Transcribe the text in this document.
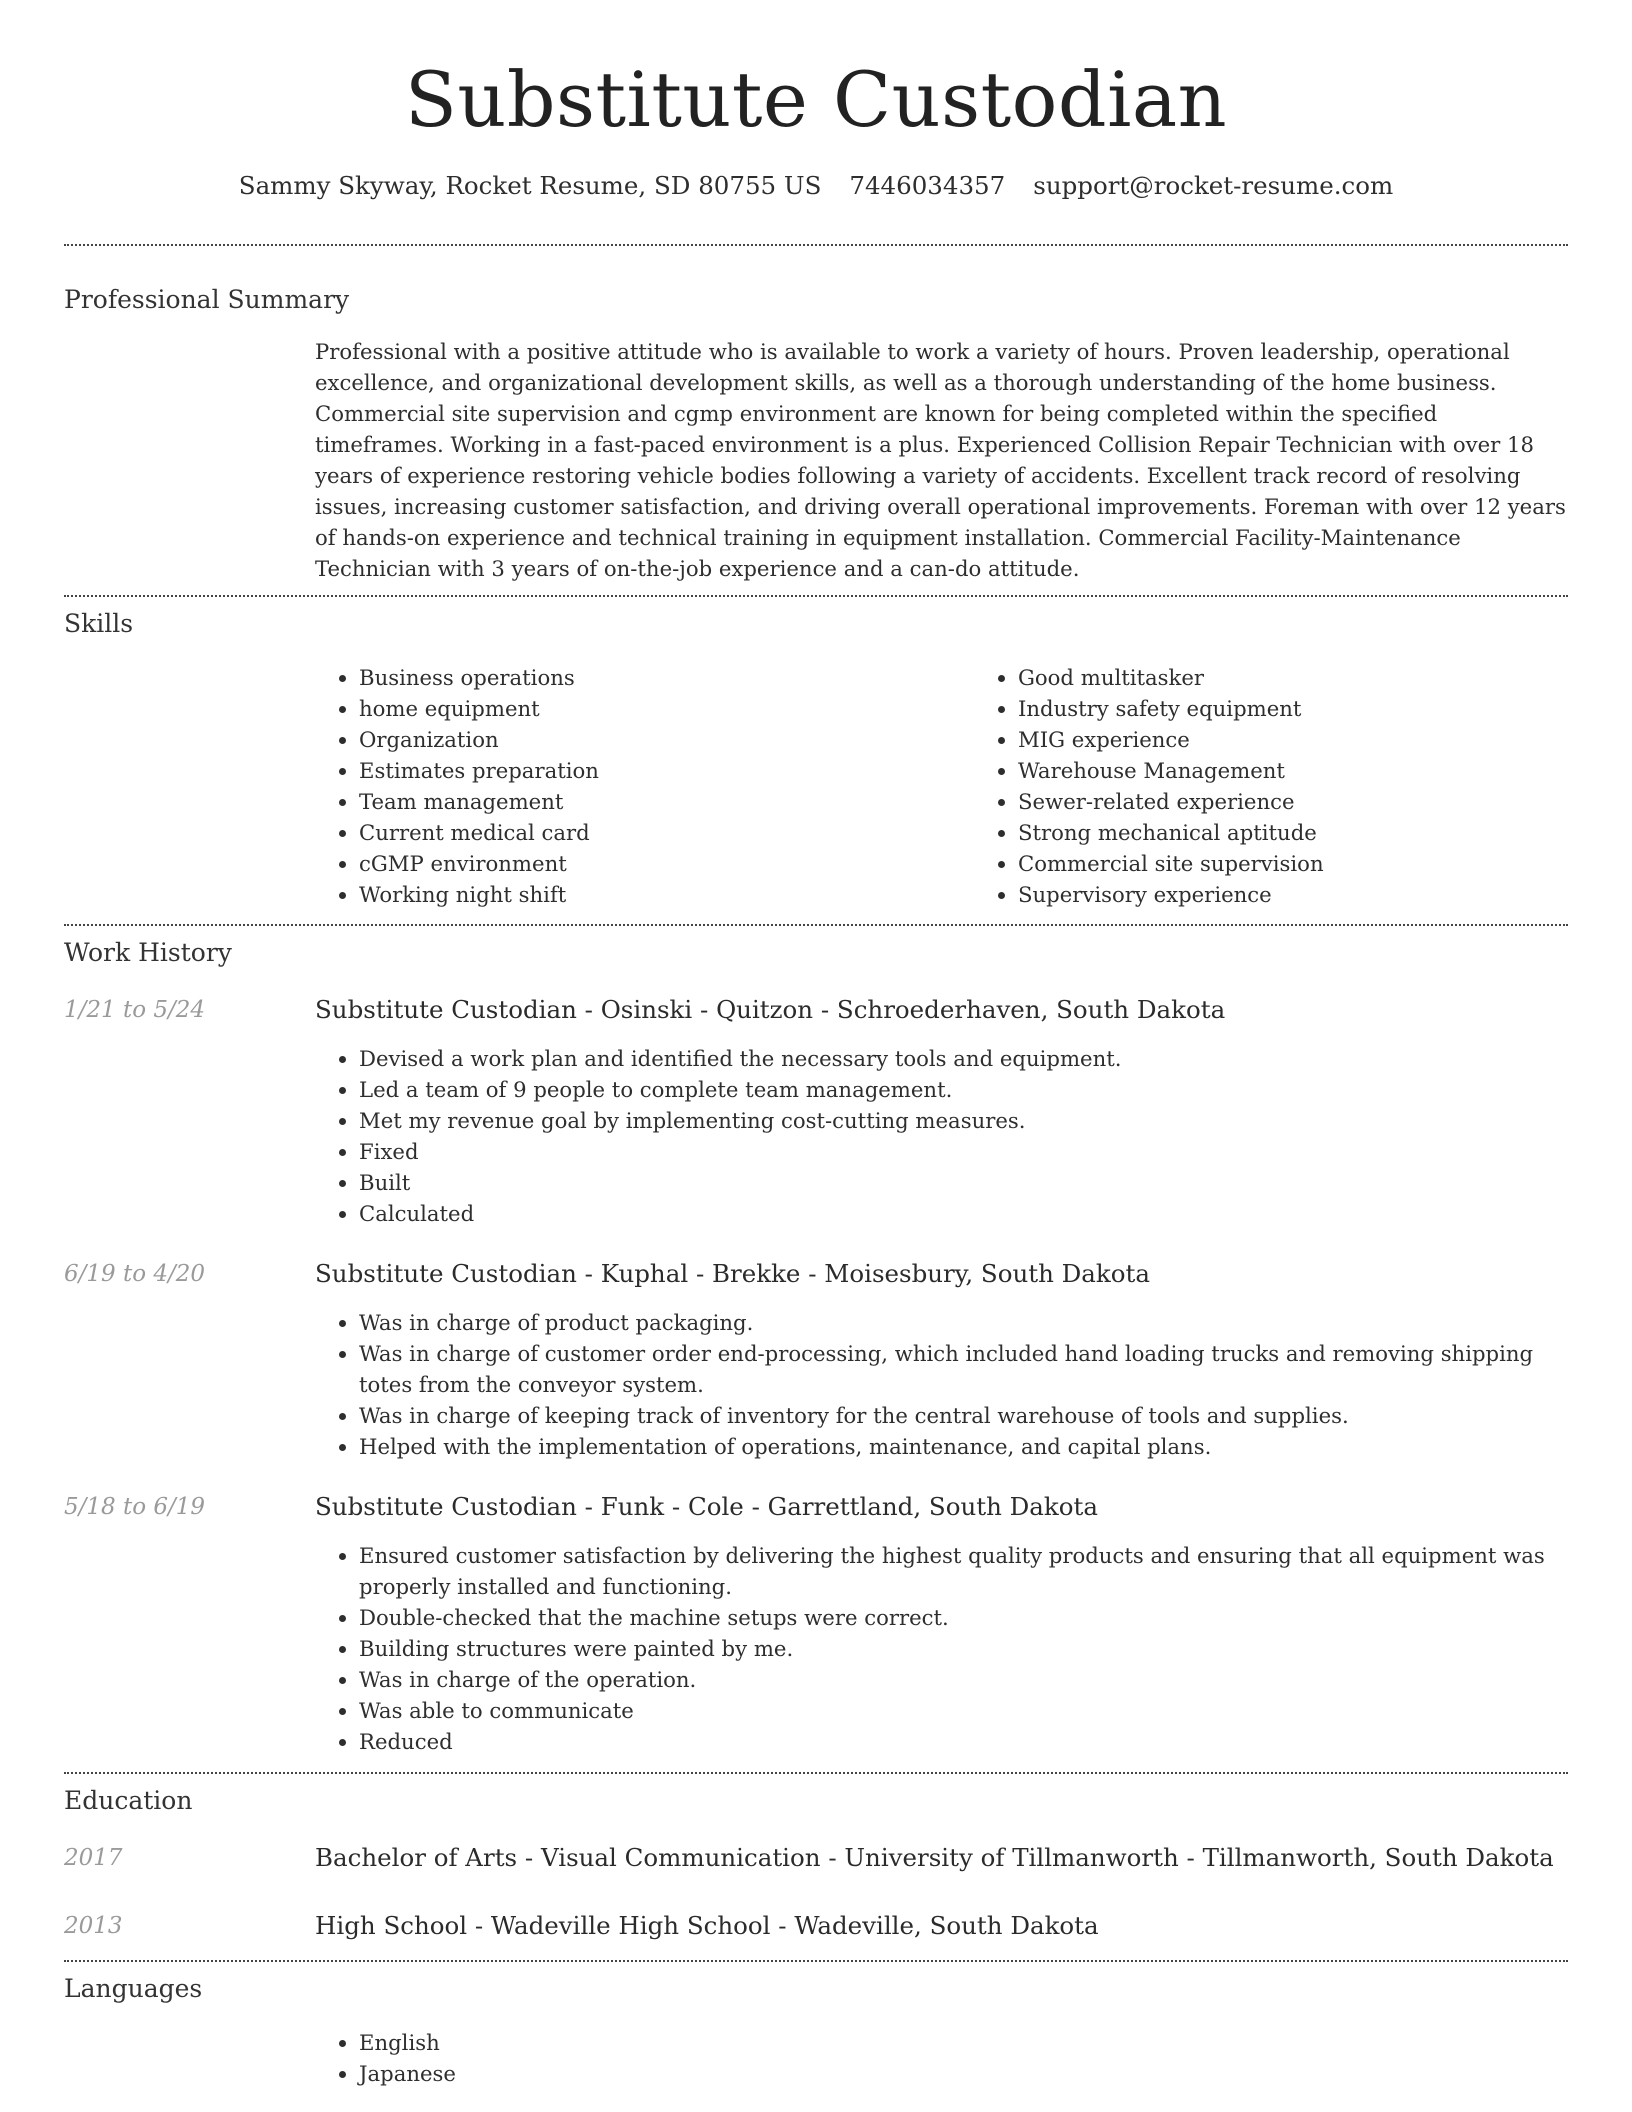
Substitute Custodian
Sammy Skyway, Rocket Resume, SD 80755 US 7446034357 support@rocket-resume.com
Professional Summary

Professional with a positive attitude who is available to work a variety of hours. Proven leadership, operational excellence, and organizational development skills, as well as a thorough understanding of the home business. Commercial site supervision and cgmp environment are known for being completed within the specified timeframes. Working in a fast-paced environment is a plus. Experienced Collision Repair Technician with over 18 years of experience restoring vehicle bodies following a variety of accidents. Excellent track record of resolving issues, increasing customer satisfaction, and driving overall operational improvements. Foreman with over 12 years of hands-on experience and technical training in equipment installation. Commercial Facility-Maintenance Technician with 3 years of on-the-job experience and a can-do attitude.

Skills
• Business operations
• home equipment
• Organization
• Estimates preparation
• Team management
• Current medical card
• cGMP environment
• Working night shift
• Good multitasker
• Industry safety equipment
• MIG experience
• Warehouse Management
• Sewer-related experience
• Strong mechanical aptitude
• Commercial site supervision
• Supervisory experience
Work History
1/21 to 5/24	Substitute Custodian - Osinski - Quitzon - Schroederhaven, South Dakota
• Devised a work plan and identified the necessary tools and equipment.
• Led a team of 9 people to complete team management.
• Met my revenue goal by implementing cost-cutting measures.
• Fixed
• Built
• Calculated
6/19 to 4/20	Substitute Custodian - Kuphal - Brekke - Moisesbury, South Dakota
• Was in charge of product packaging.
• Was in charge of customer order end-processing, which included hand loading trucks and removing shipping totes from the conveyor system.
• Was in charge of keeping track of inventory for the central warehouse of tools and supplies.
• Helped with the implementation of operations, maintenance, and capital plans.
5/18 to 6/19	Substitute Custodian - Funk - Cole - Garrettland, South Dakota
• Ensured customer satisfaction by delivering the highest quality products and ensuring that all equipment was properly installed and functioning.
• Double-checked that the machine setups were correct.
• Building structures were painted by me.
• Was in charge of the operation.
• Was able to communicate
• Reduced
Education
2017	Bachelor of Arts - Visual Communication - University of Tillmanworth - Tillmanworth, South Dakota
2013	High School - Wadeville High School - Wadeville, South Dakota
Languages
• English
• Japanese
